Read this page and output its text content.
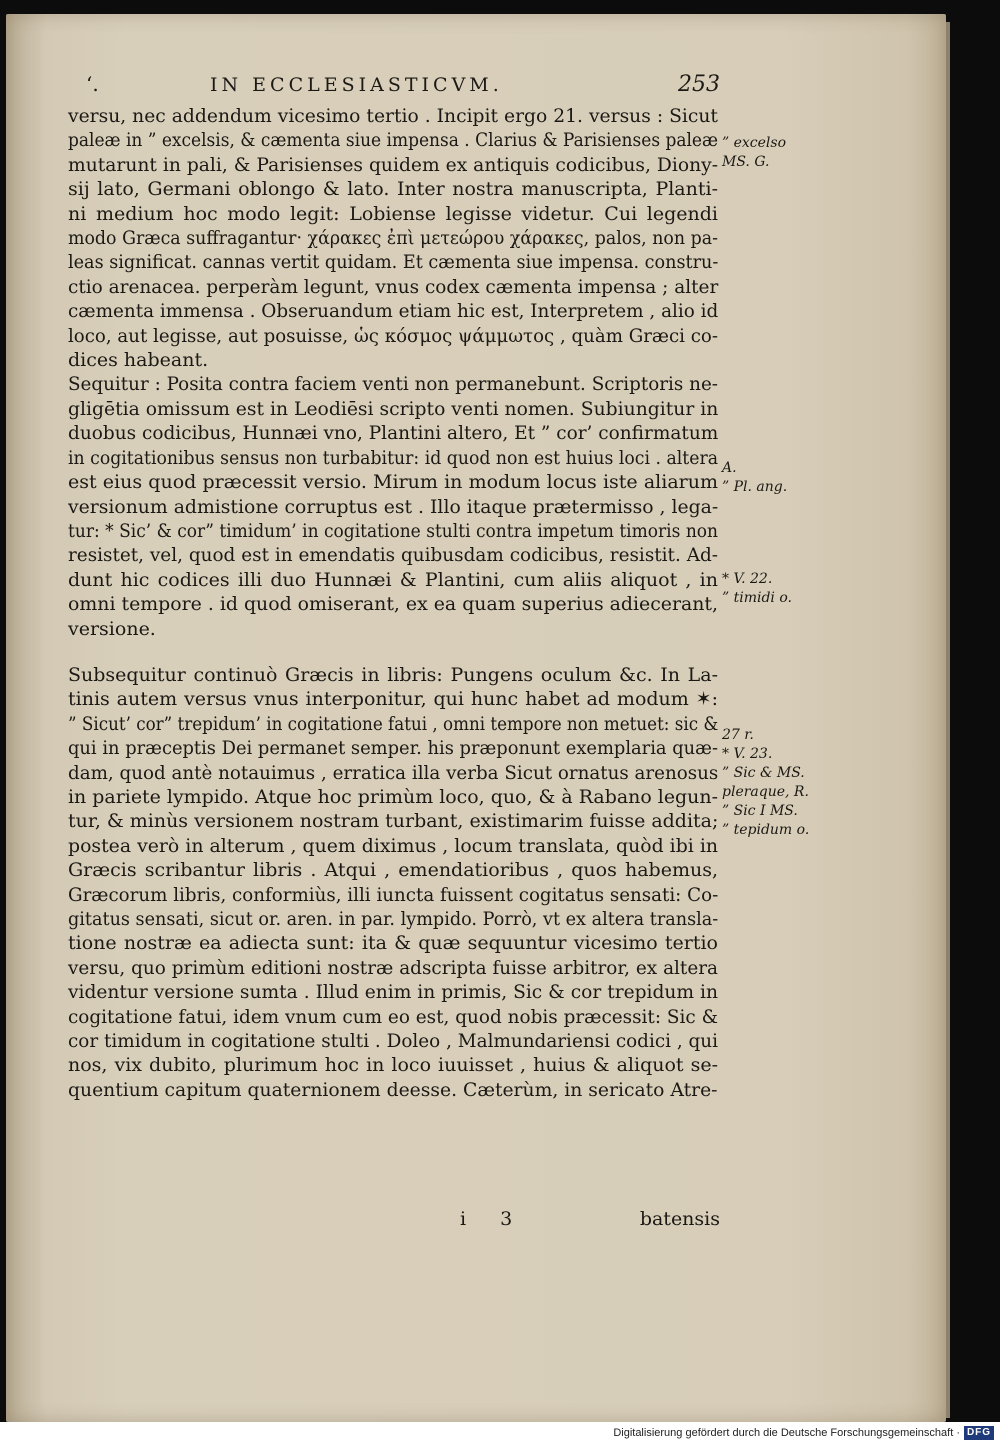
‘.	IN ECCLESIASTICVM.	253

versu, nec addendum vicesimo tertio . Incipit ergo 21. versus : Sicut
paleæ in ” excelsis, & cæmenta siue impensa . Clarius & Parisienses paleæ
mutarunt in pali, & Parisienses quidem ex antiquis codicibus, Diony-
sij lato, Germani oblongo & lato. Inter nostra manuscripta, Planti-
ni medium hoc modo legit: Lobiense legisse videtur. Cui legendi
modo Græca suffragantur· χάρακες ἐπὶ μετεώρου χάρακες, palos, non pa-
leas significat. cannas vertit quidam. Et cæmenta siue impensa. constru-
ctio arenacea. perperàm legunt, vnus codex cæmenta impensa ; alter
cæmenta immensa . Obseruandum etiam hic est, Interpretem , alio id
loco, aut legisse, aut posuisse, ὡς κόσμος ψάμμωτος , quàm Græci co-
dices habeant.

Sequitur : Posita contra faciem venti non permanebunt. Scriptoris ne-
gligētia omissum est in Leodiēsi scripto venti nomen. Subiungitur in
duobus codicibus, Hunnæi vno, Plantini altero, Et ” cor’ confirmatum
in cogitationibus sensus non turbabitur: id quod non est huius loci . altera
est eius quod præcessit versio. Mirum in modum locus iste aliarum
versionum admistione corruptus est . Illo itaque prætermisso , lega-
tur: * Sic’ & cor” timidum’ in cogitatione stulti contra impetum timoris non
resistet, vel, quod est in emendatis quibusdam codicibus, resistit. Ad-
dunt hic codices illi duo Hunnæi & Plantini, cum aliis aliquot , in
omni tempore . id quod omiserant, ex ea quam superius adiecerant,
versione.

Subsequitur continuò Græcis in libris: Pungens oculum &c. In La-
tinis autem versus vnus interponitur, qui hunc habet ad modum ✶:
” Sicut’ cor” trepidum’ in cogitatione fatui , omni tempore non metuet: sic &
qui in præceptis Dei permanet semper. his præponunt exemplaria quæ-
dam, quod antè notauimus , erratica illa verba Sicut ornatus arenosus
in pariete lympido. Atque hoc primùm loco, quo, & à Rabano legun-
tur, & minùs versionem nostram turbant, existimarim fuisse addita;
postea verò in alterum , quem diximus , locum translata, quòd ibi in
Græcis scribantur libris . Atqui , emendatioribus , quos habemus,
Græcorum libris, conformiùs, illi iuncta fuissent cogitatus sensati: Co-
gitatus sensati, sicut or. aren. in par. lympido. Porrò, vt ex altera transla-
tione nostræ ea adiecta sunt: ita & quæ sequuntur vicesimo tertio
versu, quo primùm editioni nostræ adscripta fuisse arbitror, ex altera
videntur versione sumta . Illud enim in primis, Sic & cor trepidum in
cogitatione fatui, idem vnum cum eo est, quod nobis præcessit: Sic &
cor timidum in cogitatione stulti . Doleo , Malmundariensi codici , qui
nos, vix dubito, plurimum hoc in loco iuuisset , huius & aliquot se-
quentium capitum quaternionem deesse. Cæterùm, in sericato Atre-

” excelso
MS. G.
A.
” Pl. ang.
* V. 22.
” timidi o.
27 r.
* V. 23.
” Sic & MS.
pleraque, R.
” Sic I MS.
” tepidum o.
i 3	batensis
Digitalisierung gefördert durch die Deutsche Forschungsgemeinschaft · DFG
